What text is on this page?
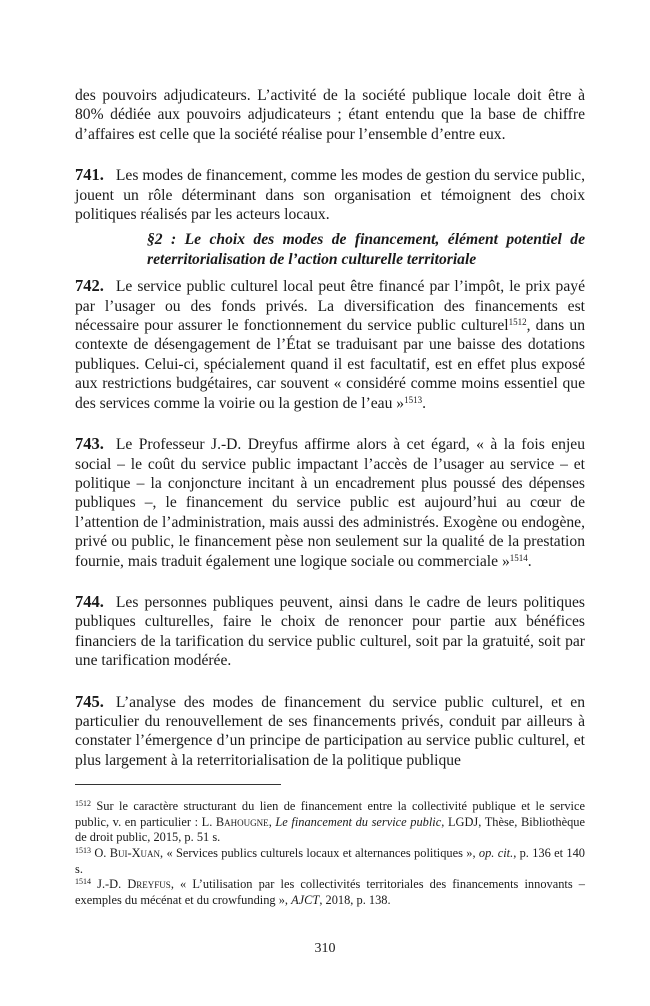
des pouvoirs adjudicateurs. L’activité de la société publique locale doit être à 80% dédiée aux pouvoirs adjudicateurs ; étant entendu que la base de chiffre d’affaires est celle que la société réalise pour l’ensemble d’entre eux.

741. Les modes de financement, comme les modes de gestion du service public, jouent un rôle déterminant dans son organisation et témoignent des choix politiques réalisés par les acteurs locaux.

§2 : Le choix des modes de financement, élément potentiel de reterritorialisation de l’action culturelle territoriale

742. Le service public culturel local peut être financé par l’impôt, le prix payé par l’usager ou des fonds privés. La diversification des financements est nécessaire pour assurer le fonctionnement du service public culturel$^{1512}$, dans un contexte de désengagement de l’État se traduisant par une baisse des dotations publiques. Celui-ci, spécialement quand il est facultatif, est en effet plus exposé aux restrictions budgétaires, car souvent « considéré comme moins essentiel que des services comme la voirie ou la gestion de l’eau »$^{1513}$.

743. Le Professeur J.-D. Dreyfus affirme alors à cet égard, « à la fois enjeu social – le coût du service public impactant l’accès de l’usager au service – et politique – la conjoncture incitant à un encadrement plus poussé des dépenses publiques –, le financement du service public est aujourd’hui au cœur de l’attention de l’administration, mais aussi des administrés. Exogène ou endogène, privé ou public, le financement pèse non seulement sur la qualité de la prestation fournie, mais traduit également une logique sociale ou commerciale »$^{1514}$.

744. Les personnes publiques peuvent, ainsi dans le cadre de leurs politiques publiques culturelles, faire le choix de renoncer pour partie aux bénéfices financiers de la tarification du service public culturel, soit par la gratuité, soit par une tarification modérée.

745. L’analyse des modes de financement du service public culturel, et en particulier du renouvellement de ses financements privés, conduit par ailleurs à constater l’émergence d’un principe de participation au service public culturel, et plus largement à la reterritorialisation de la politique publique

$^{1512}$ Sur le caractère structurant du lien de financement entre la collectivité publique et le service public, v. en particulier : L. Bahougne, Le financement du service public, LGDJ, Thèse, Bibliothèque de droit public, 2015, p. 51 s.

$^{1513}$ O. Bui-Xuan, « Services publics culturels locaux et alternances politiques », op. cit., p. 136 et 140 s.

$^{1514}$ J.-D. Dreyfus, « L’utilisation par les collectivités territoriales des financements innovants – exemples du mécénat et du crowfunding », AJCT, 2018, p. 138.

310
